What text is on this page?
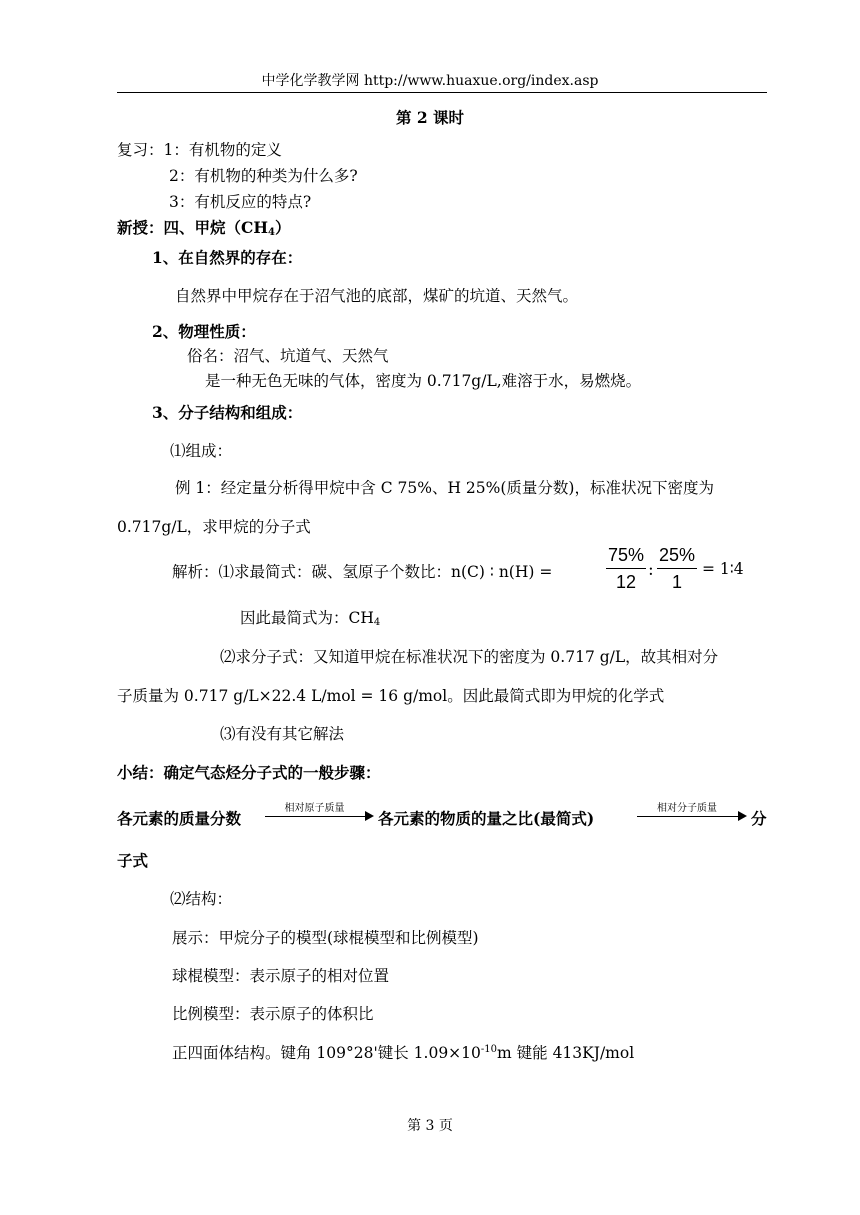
中学化学教学网 http://www.huaxue.org/index.asp
第 2 课时
复习：1：有机物的定义
2：有机物的种类为什么多?
3：有机反应的特点?
新授：四、甲烷$(CH_4)$
1、在自然界的存在：
自然界中甲烷存在于沼气池的底部，煤矿的坑道、天然气。
2、物理性质：
俗名：沼气、坑道气、天然气
是一种无色无味的气体，密度为 0.717g/L,难溶于水，易燃烧。
3、分子结构和组成：
⑴组成：
例 1：经定量分析得甲烷中含 C 75%、H 25%(质量分数)，标准状况下密度为
0.717g/L，求甲烷的分子式
解析：⑴求最简式：碳、氢原子个数比：n(C) ∶ n(H) =
75%
12
:
25%
1
= 1∶4
因此最简式为：$CH_4$
⑵求分子式：又知道甲烷在标准状况下的密度为 0.717 g/L，故其相对分
子质量为 0.717 g/L×22.4 L/mol = 16 g/mol。因此最简式即为甲烷的化学式
⑶有没有其它解法
小结：确定气态烃分子式的一般步骤：
各元素的质量分数
相对原子质量
各元素的物质的量之比(最简式)
相对分子质量
分
子式
⑵结构：
展示：甲烷分子的模型(球棍模型和比例模型)
球棍模型：表示原子的相对位置
比例模型：表示原子的体积比
正四面体结构。键角 109°28'键长 $1.09\times 10^{-10}m$ 键能 413KJ/mol
第 3 页
